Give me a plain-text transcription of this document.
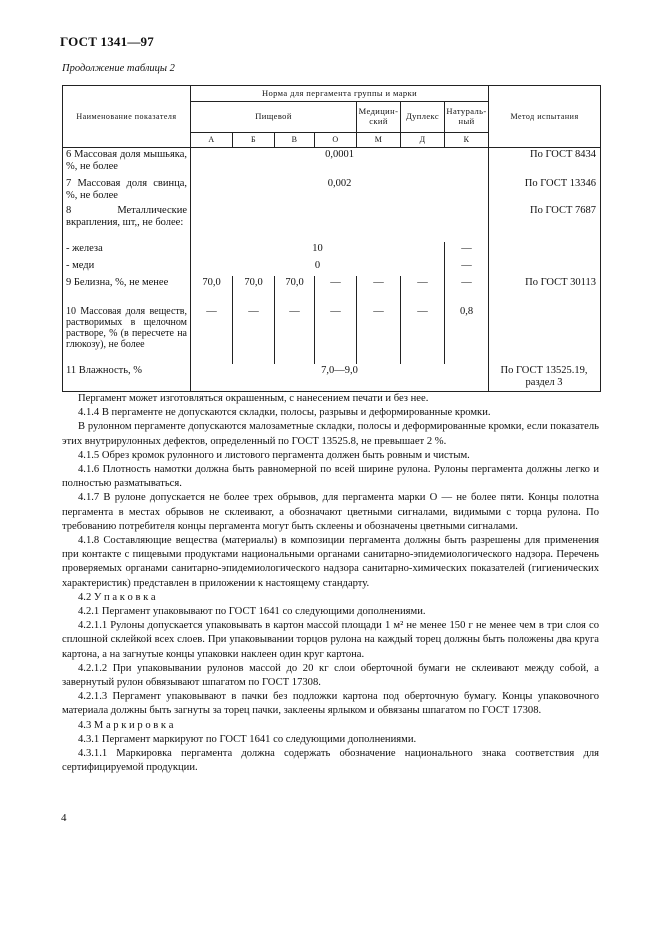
ГОСТ 1341—97
Продолжение таблицы 2
Наименование показателя	Норма для пергамента группы и марки							Метод испытания
	Пищевой				Медицин-ский	Дуплекс	Натураль-ный	
	А	Б	В	О	М	Д	К	
6 Массовая доля мышьяка, %, не более	0,0001							По ГОСТ 8434
7 Массовая доля свинца, %, не более	0,002							По ГОСТ 13346
8 Металлические вкрапления, шт,, не более:								По ГОСТ 7687
- железа	10						—	
- меди	0						—	
9 Белизна, %, не менее	70,0	70,0	70,0	—	—	—	—	По ГОСТ 30113
10 Массовая доля веществ, растворимых в щелочном растворе, % (в пересчете на глюкозу), не более	—	—	—	—	—	—	0,8	
11 Влажность, %	7,0—9,0							По ГОСТ 13525.19, раздел 3

Пергамент может изготовляться окрашенным, с нанесением печати и без нее.

4.1.4 В пергаменте не допускаются складки, полосы, разрывы и деформированные кромки.

В рулонном пергаменте допускаются малозаметные складки, полосы и деформированные кромки, если показатель этих внутрирулонных дефектов, определенный по ГОСТ 13525.8, не превышает 2 %.

4.1.5 Обрез кромок рулонного и листового пергамента должен быть ровным и чистым.

4.1.6 Плотность намотки должна быть равномерной по всей ширине рулона. Рулоны пергамента должны легко и полностью разматываться.

4.1.7 В рулоне допускается не более трех обрывов, для пергамента марки О — не более пяти. Концы полотна пергамента в местах обрывов не склеивают, а обозначают цветными сигналами, видимыми с торца рулона. По требованию потребителя концы пергамента могут быть склеены и обозначены цветными сигналами.

4.1.8 Составляющие вещества (материалы) в композиции пергамента должны быть разрешены для применения при контакте с пищевыми продуктами национальными органами санитарно-эпидемиологического надзора. Перечень проверяемых органами санитарно-эпидемиологического надзора санитарно-химических показателей (гигиенических характеристик) представлен в приложении к настоящему стандарту.

4.2 У п а к о в к а

4.2.1 Пергамент упаковывают по ГОСТ 1641 со следующими дополнениями.

4.2.1.1 Рулоны допускается упаковывать в картон массой площади 1 м² не менее 150 г не менее чем в три слоя со сплошной склейкой всех слоев. При упаковывании торцов рулона на каждый торец должны быть положены два круга картона, а на загнутые концы упаковки наклеен один круг картона.

4.2.1.2 При упаковывании рулонов массой до 20 кг слои оберточной бумаги не склеивают между собой, а завернутый рулон обвязывают шпагатом по ГОСТ 17308.

4.2.1.3 Пергамент упаковывают в пачки без подложки картона под оберточную бумагу. Концы упаковочного материала должны быть загнуты за торец пачки, заклеены ярлыком и обвязаны шпагатом по ГОСТ 17308.

4.3 М а р к и р о в к а

4.3.1 Пергамент маркируют по ГОСТ 1641 со следующими дополнениями.

4.3.1.1 Маркировка пергамента должна содержать обозначение национального знака соответствия для сертифицируемой продукции.

4
